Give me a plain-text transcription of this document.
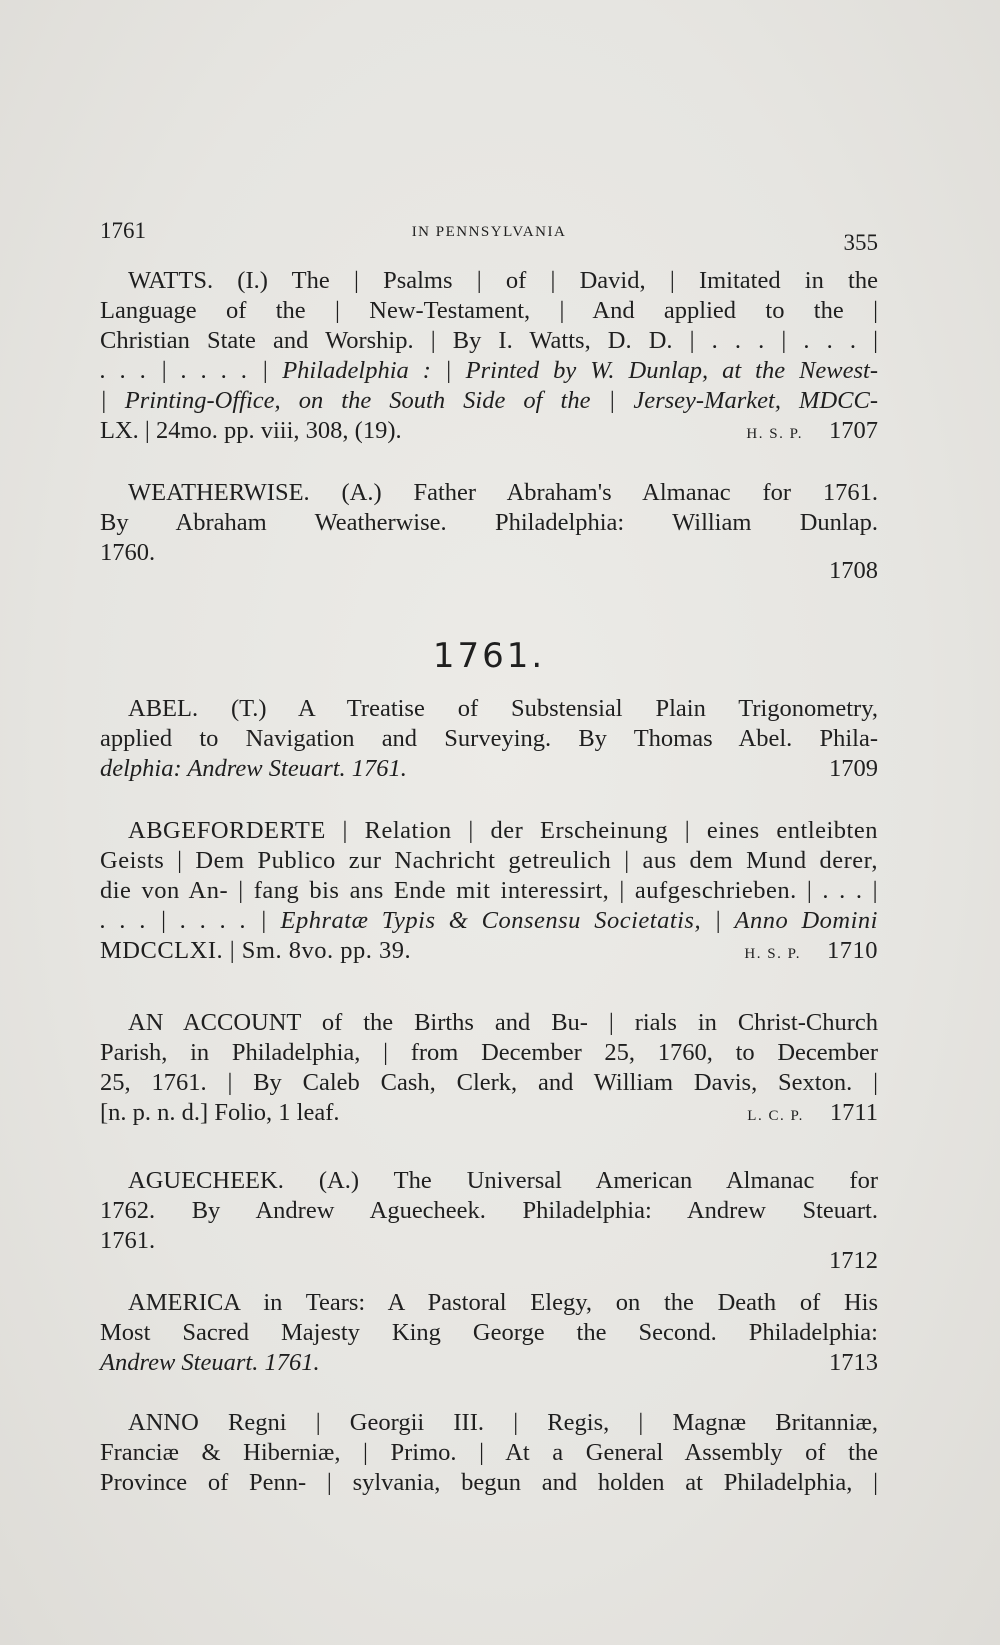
1761	IN PENNSYLVANIA	355
WATTS. (I.) The | Psalms | of | David, | Imitated in the
Language of the | New-Testament, | And applied to the |
Christian State and Worship. | By I. Watts, D. D. | . . . | . . . |
. . . | . . . . | Philadelphia : | Printed by W. Dunlap, at the Newest-
| Printing-Office, on the South Side of the | Jersey-Market, MDCC-
LX. | 24mo. pp. viii, 308, (19).	H. S. P. 1707
WEATHERWISE. (A.) Father Abraham's Almanac for 1761.
By Abraham Weatherwise. Philadelphia: William Dunlap.
1760.
1708
1761.
ABEL. (T.) A Treatise of Substensial Plain Trigonometry,
applied to Navigation and Surveying. By Thomas Abel. Phila-
delphia: Andrew Steuart. 1761.	1709
ABGEFORDERTE | Relation | der Erscheinung | eines entleibten
Geists | Dem Publico zur Nachricht getreulich | aus dem Mund derer,
die von An- | fang bis ans Ende mit interessirt, | aufgeschrieben. | . . . |
. . . | . . . . | Ephratæ Typis & Consensu Societatis, | Anno Domini
MDCCLXI. | Sm. 8vo. pp. 39.	H. S. P. 1710
AN ACCOUNT of the Births and Bu- | rials in Christ-Church
Parish, in Philadelphia, | from December 25, 1760, to December
25, 1761. | By Caleb Cash, Clerk, and William Davis, Sexton. |
[n. p. n. d.] Folio, 1 leaf.	L. C. P. 1711
AGUECHEEK. (A.) The Universal American Almanac for
1762. By Andrew Aguecheek. Philadelphia: Andrew Steuart.
1761.
1712
AMERICA in Tears: A Pastoral Elegy, on the Death of His
Most Sacred Majesty King George the Second. Philadelphia:
Andrew Steuart. 1761.	1713
ANNO Regni | Georgii III. | Regis, | Magnæ Britanniæ,
Franciæ & Hiberniæ, | Primo. | At a General Assembly of the
Province of Penn- | sylvania, begun and holden at Philadelphia, |
